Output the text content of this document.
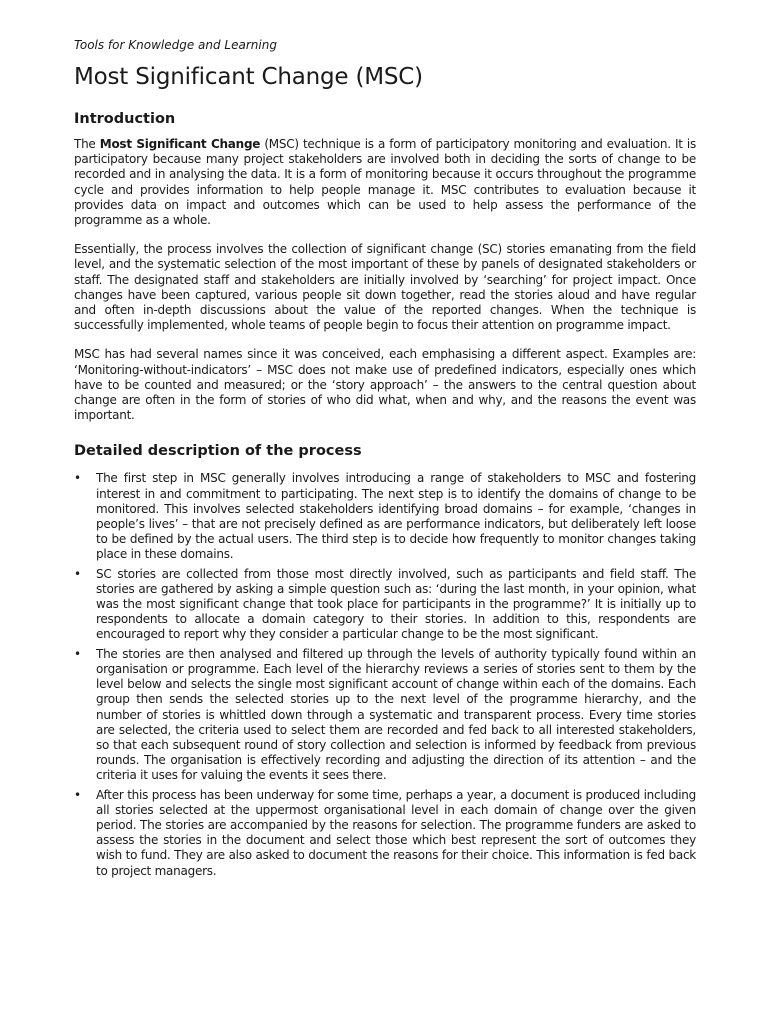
Tools for Knowledge and Learning

Most Significant Change (MSC)
Introduction

The Most Significant Change (MSC) technique is a form of participatory monitoring and evaluation. It is participatory because many project stakeholders are involved both in deciding the sorts of change to be recorded and in analysing the data. It is a form of monitoring because it occurs throughout the programme cycle and provides information to help people manage it. MSC contributes to evaluation because it provides data on impact and outcomes which can be used to help assess the performance of the programme as a whole.

Essentially, the process involves the collection of significant change (SC) stories emanating from the field level, and the systematic selection of the most important of these by panels of designated stakeholders or staff. The designated staff and stakeholders are initially involved by ‘searching’ for project impact. Once changes have been captured, various people sit down together, read the stories aloud and have regular and often in-depth discussions about the value of the reported changes. When the technique is successfully implemented, whole teams of people begin to focus their attention on programme impact.

MSC has had several names since it was conceived, each emphasising a different aspect. Examples are: ‘Monitoring-without-indicators’ – MSC does not make use of predefined indicators, especially ones which have to be counted and measured; or the ‘story approach’ – the answers to the central question about change are often in the form of stories of who did what, when and why, and the reasons the event was important.

Detailed description of the process
• The first step in MSC generally involves introducing a range of stakeholders to MSC and fostering interest in and commitment to participating. The next step is to identify the domains of change to be monitored. This involves selected stakeholders identifying broad domains – for example, ‘changes in people’s lives’ – that are not precisely defined as are performance indicators, but deliberately left loose to be defined by the actual users. The third step is to decide how frequently to monitor changes taking place in these domains.
• SC stories are collected from those most directly involved, such as participants and field staff. The stories are gathered by asking a simple question such as: ‘during the last month, in your opinion, what was the most significant change that took place for participants in the programme?’ It is initially up to respondents to allocate a domain category to their stories. In addition to this, respondents are encouraged to report why they consider a particular change to be the most significant.
• The stories are then analysed and filtered up through the levels of authority typically found within an organisation or programme. Each level of the hierarchy reviews a series of stories sent to them by the level below and selects the single most significant account of change within each of the domains. Each group then sends the selected stories up to the next level of the programme hierarchy, and the number of stories is whittled down through a systematic and transparent process. Every time stories are selected, the criteria used to select them are recorded and fed back to all interested stakeholders, so that each subsequent round of story collection and selection is informed by feedback from previous rounds. The organisation is effectively recording and adjusting the direction of its attention – and the criteria it uses for valuing the events it sees there.
• After this process has been underway for some time, perhaps a year, a document is produced including all stories selected at the uppermost organisational level in each domain of change over the given period. The stories are accompanied by the reasons for selection. The programme funders are asked to assess the stories in the document and select those which best represent the sort of outcomes they wish to fund. They are also asked to document the reasons for their choice. This information is fed back to project managers.
